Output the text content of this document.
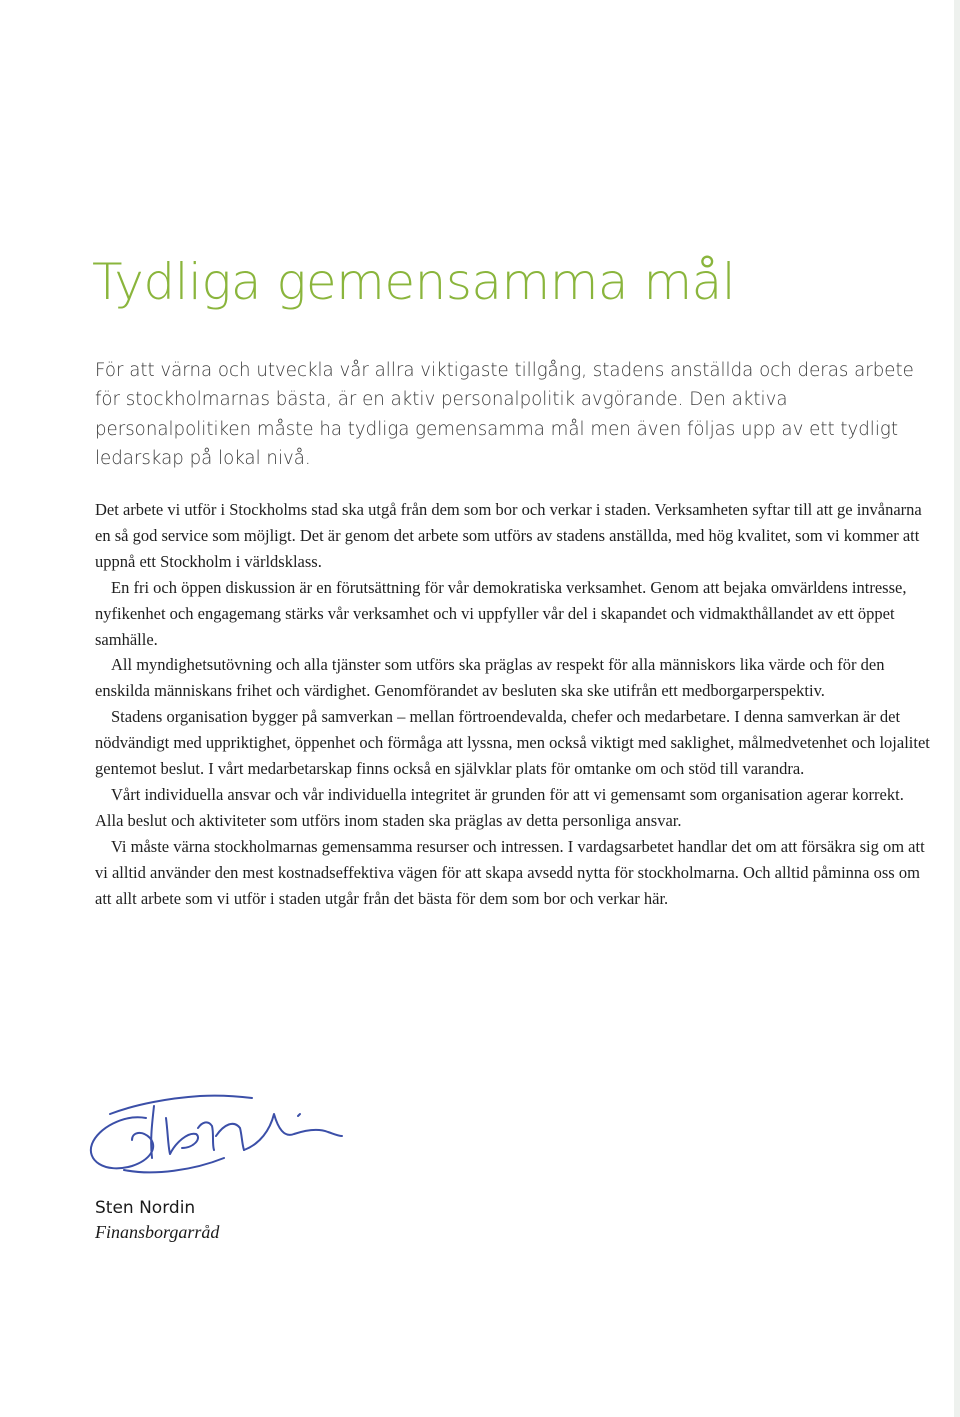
Tydliga gemensamma mål

För att värna och utveckla vår allra viktigaste tillgång, stadens anställda och deras arbete för stockholmarnas bästa, är en aktiv personalpolitik avgörande. Den aktiva personalpolitiken måste ha tydliga gemensamma mål men även följas upp av ett tydligt ledarskap på lokal nivå.

Det arbete vi utför i Stockholms stad ska utgå från dem som bor och verkar i staden. Verksamheten syftar till att ge invånarna en så god service som möjligt. Det är genom det arbete som utförs av stadens anställda, med hög kvalitet, som vi kommer att uppnå ett Stockholm i världsklass.

En fri och öppen diskussion är en förutsättning för vår demokratiska verksamhet. Genom att bejaka omvärldens intresse, nyfikenhet och engagemang stärks vår verksamhet och vi uppfyller vår del i skapandet och vidmakthållandet av ett öppet samhälle.

All myndighetsutövning och alla tjänster som utförs ska präglas av respekt för alla människors lika värde och för den enskilda människans frihet och värdighet. Genomförandet av besluten ska ske utifrån ett medborgarperspektiv.

Stadens organisation bygger på samverkan – mellan förtroendevalda, chefer och medarbetare. I denna samverkan är det nödvändigt med uppriktighet, öppenhet och förmåga att lyssna, men också viktigt med saklighet, målmedvetenhet och lojalitet gentemot beslut. I vårt medarbetarskap finns också en självklar plats för omtanke om och stöd till varandra.

Vårt individuella ansvar och vår individuella integritet är grunden för att vi gemensamt som organisation agerar korrekt. Alla beslut och aktiviteter som utförs inom staden ska präglas av detta personliga ansvar.

Vi måste värna stockholmarnas gemensamma resurser och intressen. I vardagsarbetet handlar det om att försäkra sig om att vi alltid använder den mest kostnadseffektiva vägen för att skapa avsedd nytta för stockholmarna. Och alltid påminna oss om att allt arbete som vi utför i staden utgår från det bästa för dem som bor och verkar här.

Sten Nordin
Finansborgarråd
